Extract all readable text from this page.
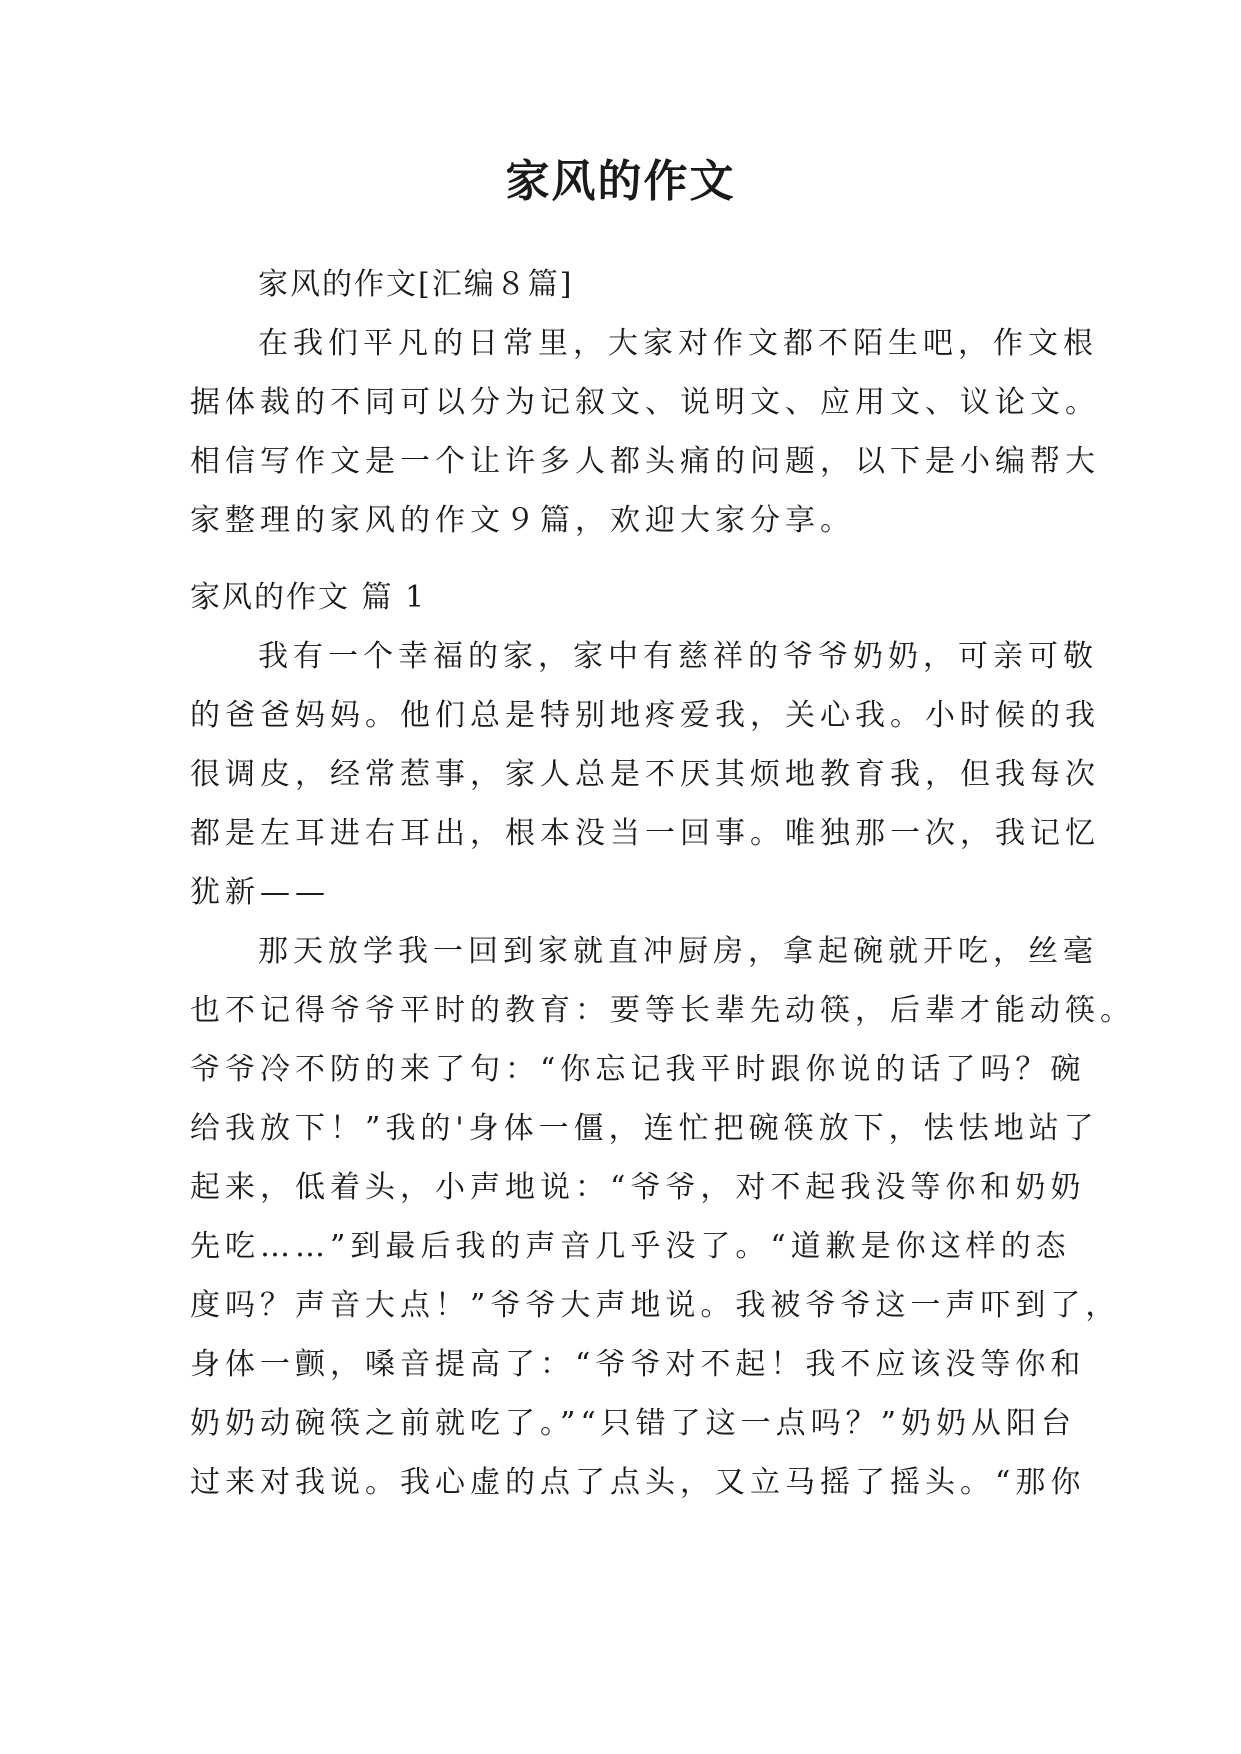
家风的作文
家风的作文[汇编８篇]
在我们平凡的日常里，大家对作文都不陌生吧，作文根
据体裁的不同可以分为记叙文、说明文、应用文、议论文。
相信写作文是一个让许多人都头痛的问题，以下是小编帮大
家整理的家风的作文９篇，欢迎大家分享。
家风的作文 篇 1
我有一个幸福的家，家中有慈祥的爷爷奶奶，可亲可敬
的爸爸妈妈。他们总是特别地疼爱我，关心我。小时候的我
很调皮，经常惹事，家人总是不厌其烦地教育我，但我每次
都是左耳进右耳出，根本没当一回事。唯独那一次，我记忆
犹新——
那天放学我一回到家就直冲厨房，拿起碗就开吃，丝毫
也不记得爷爷平时的教育：要等长辈先动筷，后辈才能动筷。
爷爷冷不防的来了句：“你忘记我平时跟你说的话了吗？碗
给我放下！”我的'身体一僵，连忙把碗筷放下，怯怯地站了
起来，低着头，小声地说：“爷爷，对不起我没等你和奶奶
先吃……”到最后我的声音几乎没了。“道歉是你这样的态
度吗？声音大点！”爷爷大声地说。我被爷爷这一声吓到了，
身体一颤，嗓音提高了：“爷爷对不起！我不应该没等你和
奶奶动碗筷之前就吃了。”“只错了这一点吗？”奶奶从阳台
过来对我说。我心虚的点了点头，又立马摇了摇头。“那你
